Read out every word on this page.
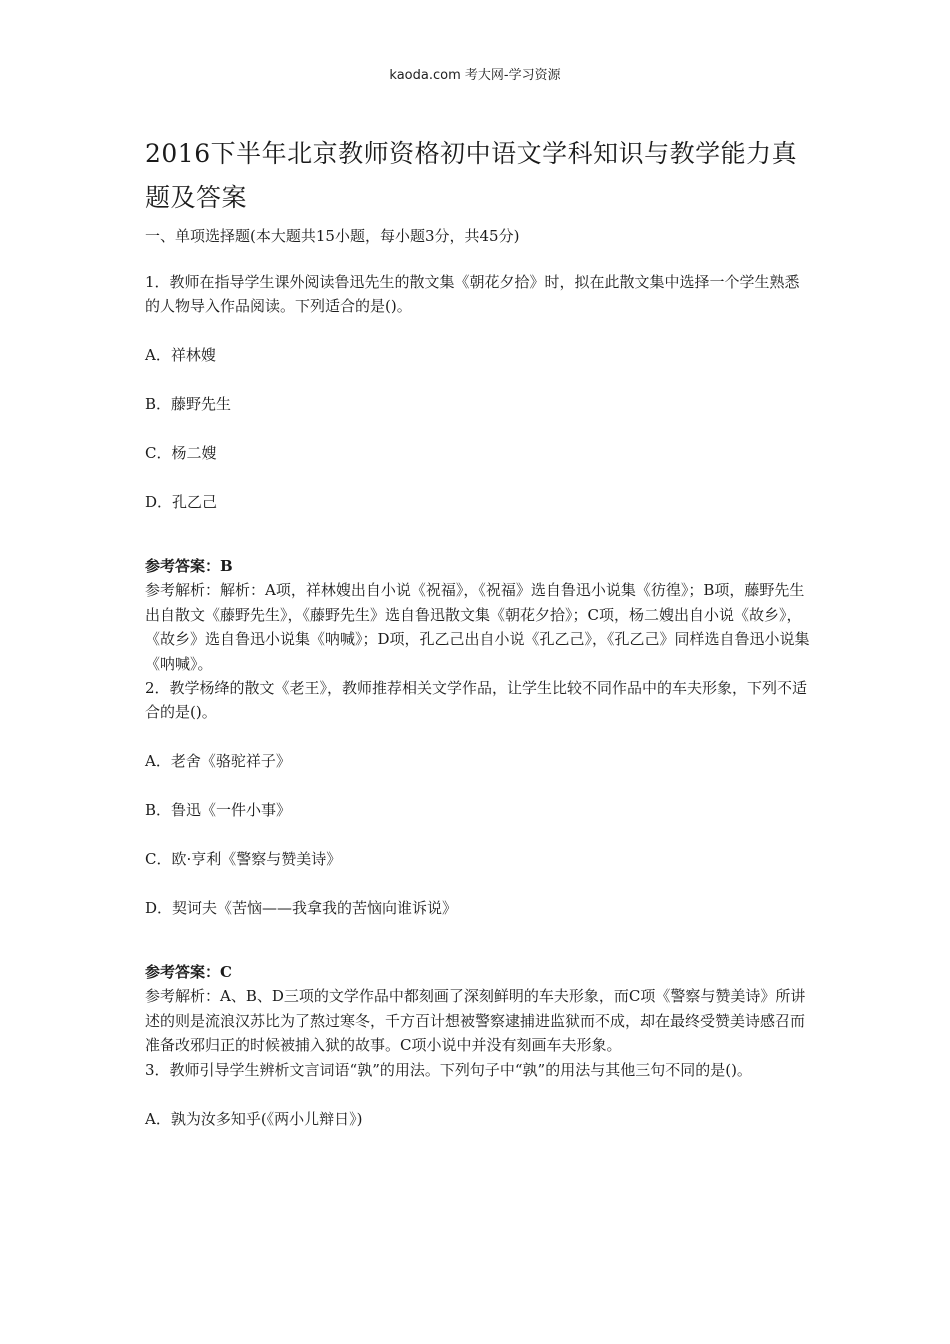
kaoda.com 考大网-学习资源
2016下半年北京教师资格初中语文学科知识与教学能力真题及答案

一、单项选择题(本大题共15小题，每小题3分，共45分)

1．教师在指导学生课外阅读鲁迅先生的散文集《朝花夕拾》时，拟在此散文集中选择一个学生熟悉的人物导入作品阅读。下列适合的是()。

A．祥林嫂

B．藤野先生

C．杨二嫂

D．孔乙己

参考答案：B

参考解析：解析：A项，祥林嫂出自小说《祝福》，《祝福》选自鲁迅小说集《彷徨》；B项，藤野先生出自散文《藤野先生》，《藤野先生》选自鲁迅散文集《朝花夕拾》；C项，杨二嫂出自小说《故乡》，《故乡》选自鲁迅小说集《呐喊》；D项，孔乙己出自小说《孔乙己》，《孔乙己》同样选自鲁迅小说集《呐喊》。

2．教学杨绛的散文《老王》，教师推荐相关文学作品，让学生比较不同作品中的车夫形象，下列不适合的是()。

A．老舍《骆驼祥子》

B．鲁迅《一件小事》

C．欧·亨利《警察与赞美诗》

D．契诃夫《苦恼——我拿我的苦恼向谁诉说》

参考答案：C

参考解析：A、B、D三项的文学作品中都刻画了深刻鲜明的车夫形象，而C项《警察与赞美诗》所讲述的则是流浪汉苏比为了熬过寒冬，千方百计想被警察逮捕进监狱而不成，却在最终受赞美诗感召而准备改邪归正的时候被捕入狱的故事。C项小说中并没有刻画车夫形象。

3．教师引导学生辨析文言词语“孰”的用法。下列句子中“孰”的用法与其他三句不同的是()。

A．孰为汝多知乎(《两小儿辩日》)
